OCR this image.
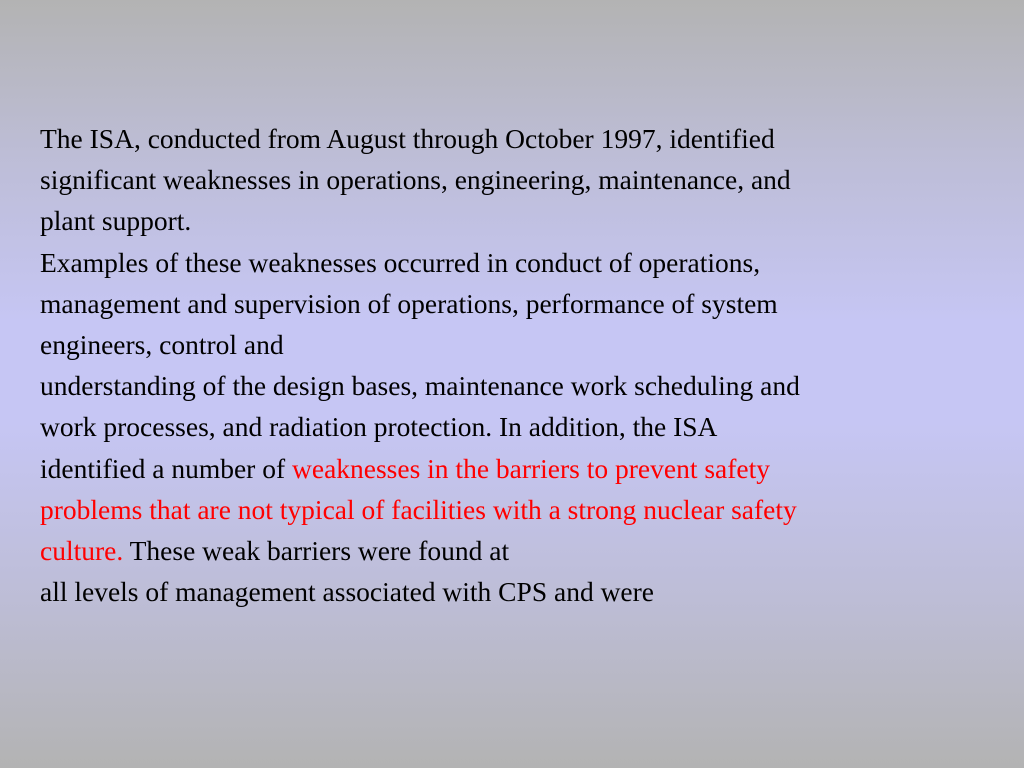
The ISA, conducted from August through October 1997, identified
significant weaknesses in operations, engineering, maintenance, and
plant support.
Examples of these weaknesses occurred in conduct of operations,
management and supervision of operations, performance of system
engineers, control and
understanding of the design bases, maintenance work scheduling and
work processes, and radiation protection. In addition, the ISA
identified a number of weaknesses in the barriers to prevent safety
problems that are not typical of facilities with a strong nuclear safety
culture. These weak barriers were found at
all levels of management associated with CPS and were
